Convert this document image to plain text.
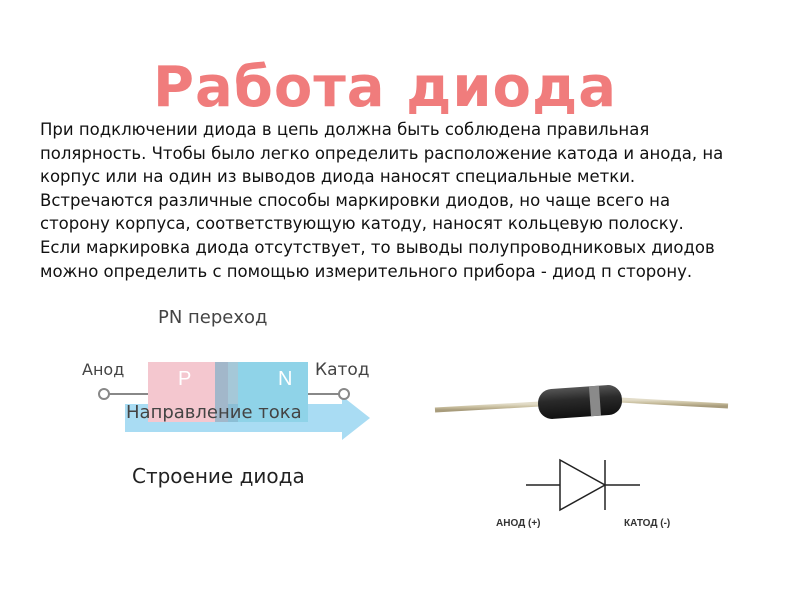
Работа диода

При подключении диода в цепь должна быть соблюдена правильная полярность. Чтобы было легко определить расположение катода и анода, на корпус или на один из выводов диода наносят специальные метки. Встречаются различные способы маркировки диодов, но чаще всего на сторону корпуса, соответствующую катоду, наносят кольцевую полоску.

Если маркировка диода отсутствует, то выводы полупроводниковых диодов можно определить с помощью измерительного прибора - диод п сторону.

P	N
PN переход
Анод	Катод
Направление тока
Строение диода
АНОД (+)	КАТОД (-)
